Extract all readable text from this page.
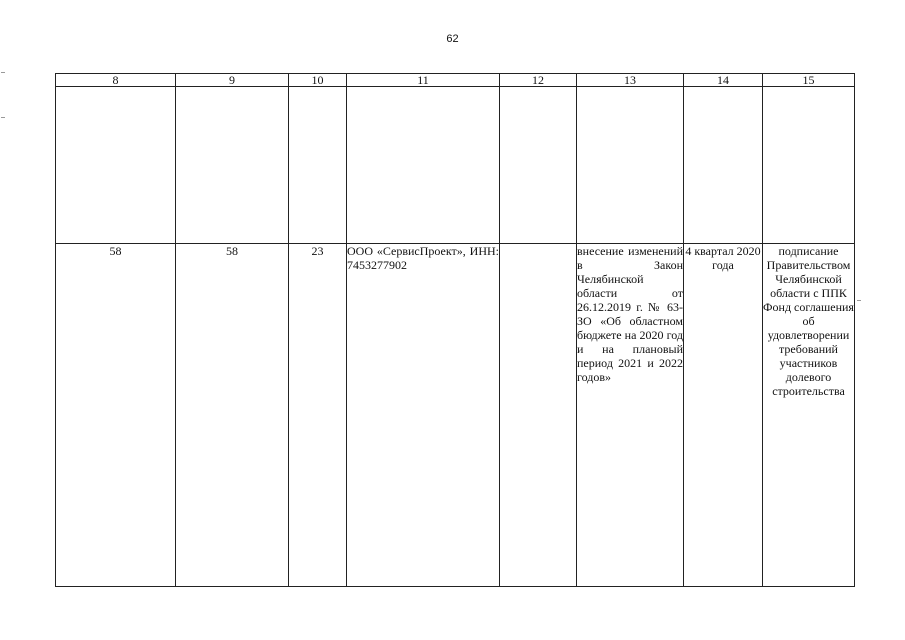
62
8	9	10	11	12	13	14	15

58	58	23	ООО «СервисПроект», ИНН: 7453277902		внесение изменений в Закон Челябинской области от 26.12.2019 г. № 63-ЗО «Об областном бюджете на 2020 год и на плановый период 2021 и 2022 годов»	4 квартал 2020 года	подписание Правительством Челябинской области с ППК Фонд соглашения об удовлетворении требований участников долевого строительства
